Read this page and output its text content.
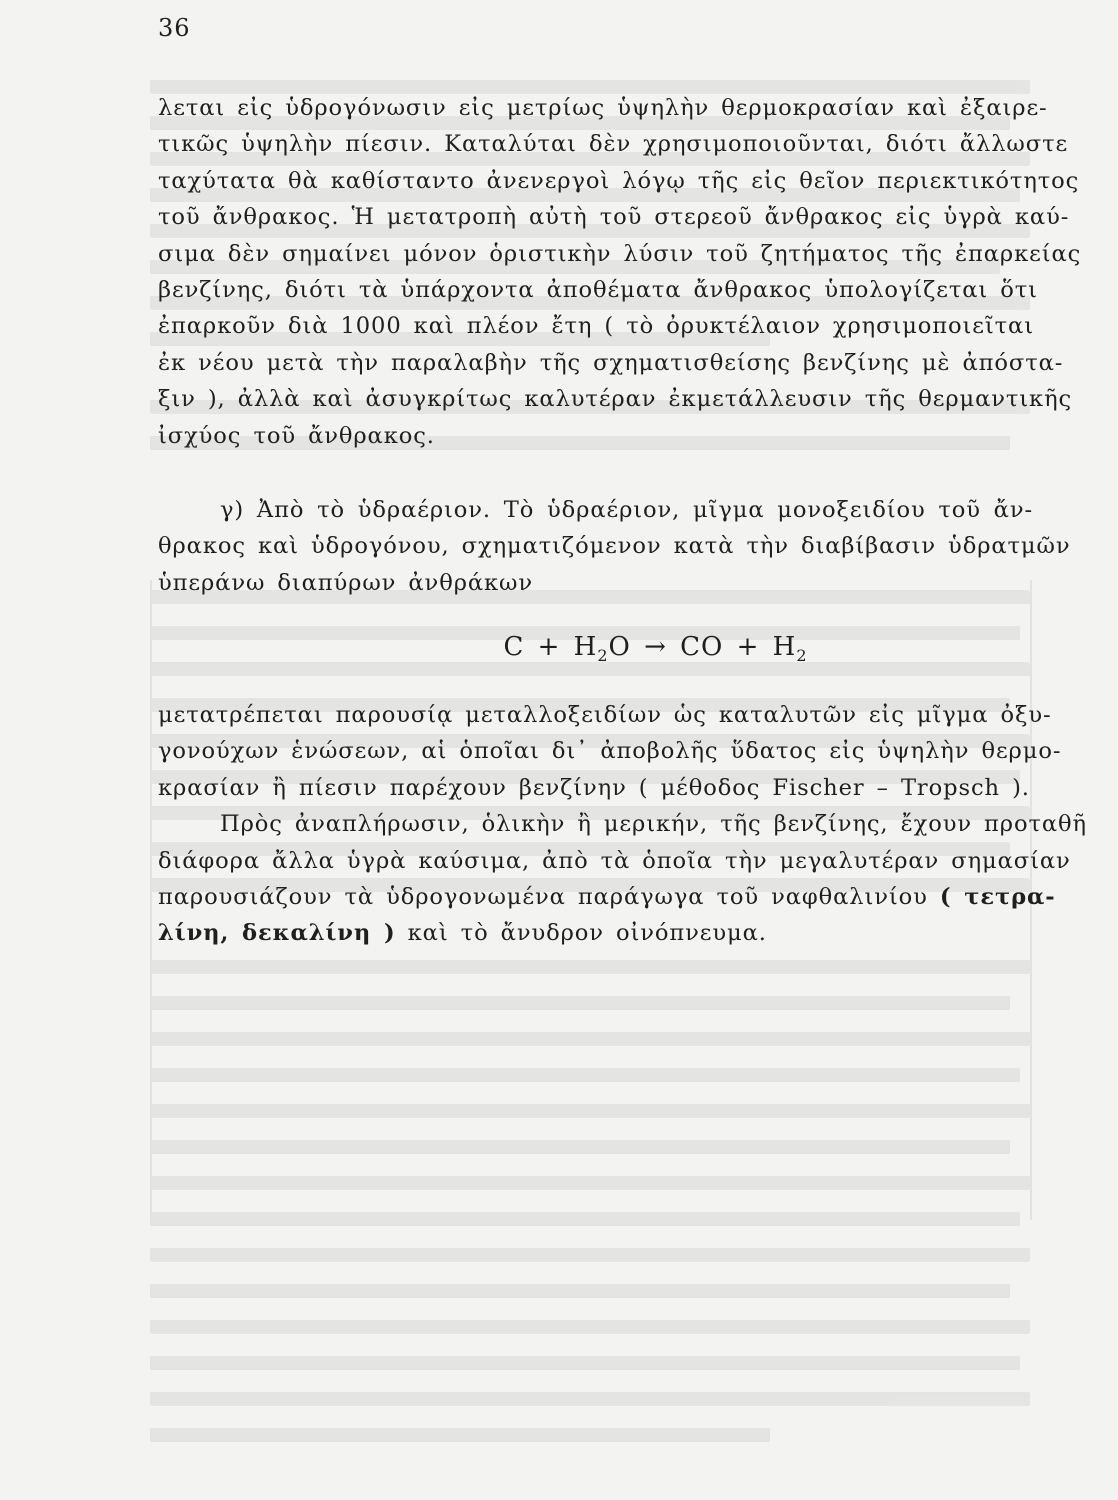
36

λεται εἰς ὑδρογόνωσιν εἰς μετρίως ὑψηλὴν θερμοκρασίαν καὶ ἐξαιρε-
τικῶς ὑψηλὴν πίεσιν. Καταλύται δὲν χρησιμοποιοῦνται, διότι ἄλλωστε
ταχύτατα θὰ καθίσταντο ἀνενεργοὶ λόγῳ τῆς εἰς θεῖον περιεκτικότητος
τοῦ ἄνθρακος. Ἡ μετατροπὴ αὐτὴ τοῦ στερεοῦ ἄνθρακος εἰς ὑγρὰ καύ-
σιμα δὲν σημαίνει μόνον ὁριστικὴν λύσιν τοῦ ζητήματος τῆς ἐπαρκείας
βενζίνης, διότι τὰ ὑπάρχοντα ἀποθέματα ἄνθρακος ὑπολογίζεται ὅτι
ἐπαρκοῦν διὰ 1000 καὶ πλέον ἔτη ( τὸ ὀρυκτέλαιον χρησιμοποιεῖται
ἐκ νέου μετὰ τὴν παραλαβὴν τῆς σχηματισθείσης βενζίνης μὲ ἀπόστα-
ξιν ), ἀλλὰ καὶ ἀσυγκρίτως καλυτέραν ἐκμετάλλευσιν τῆς θερμαντικῆς
ἰσχύος τοῦ ἄνθρακος.

γ) Ἀπὸ τὸ ὑδραέριον. Τὸ ὑδραέριον, μῖγμα μονοξειδίου τοῦ ἄν-
θρακος καὶ ὑδρογόνου, σχηματιζόμενον κατὰ τὴν διαβίβασιν ὑδρατμῶν
ὑπεράνω διαπύρων ἀνθράκων

$C + H_2O$ → CO + $H_2$

μετατρέπεται παρουσίᾳ μεταλλοξειδίων ὡς καταλυτῶν εἰς μῖγμα ὀξυ-
γονούχων ἑνώσεων, αἱ ὁποῖαι δι᾽ ἀποβολῆς ὕδατος εἰς ὑψηλὴν θερμο-
κρασίαν ἢ πίεσιν παρέχουν βενζίνην ( μέθοδος Fischer – Tropsch ).

Πρὸς ἀναπλήρωσιν, ὁλικὴν ἢ μερικήν, τῆς βενζίνης, ἔχουν προταθῆ
διάφορα ἄλλα ὑγρὰ καύσιμα, ἀπὸ τὰ ὁποῖα τὴν μεγαλυτέραν σημασίαν
παρουσιάζουν τὰ ὑδρογονωμένα παράγωγα τοῦ ναφθαλινίου ( τετρα-
λίνη, δεκαλίνη ) καὶ τὸ ἄνυδρον οἰνόπνευμα.
